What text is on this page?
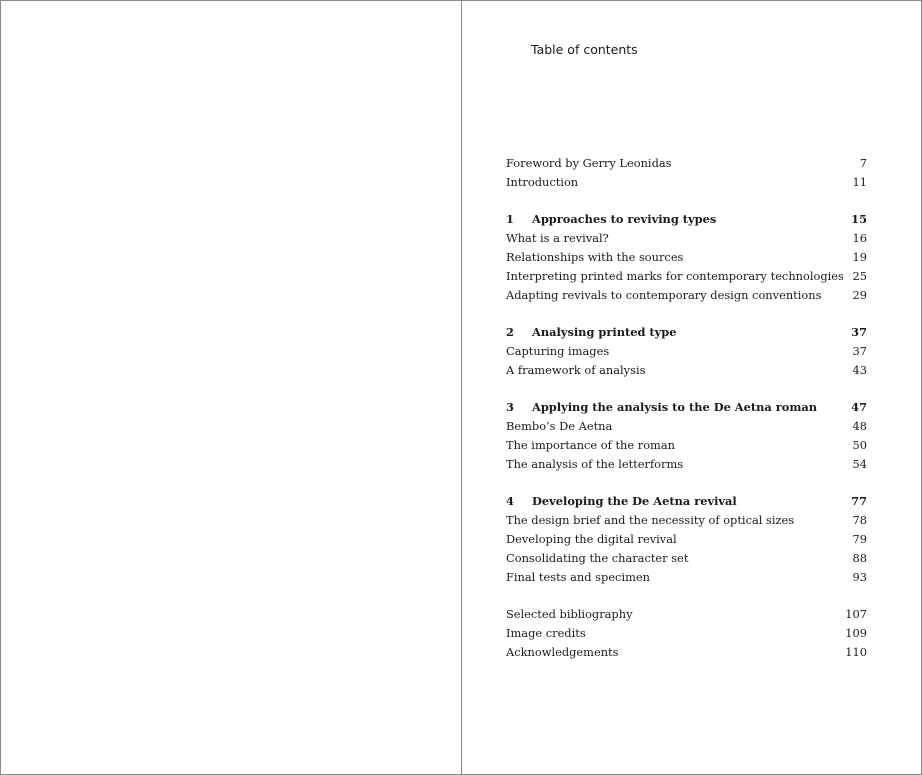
Table of contents
Foreword by Gerry Leonidas	7
Introduction	11
1 Approaches to reviving types	15
What is a revival?	16
Relationships with the sources	19
Interpreting printed marks for contemporary technologies 25
Adapting revivals to contemporary design conventions	29
2 Analysing printed type	37
Capturing images	37
A framework of analysis	43
3 Applying the analysis to the De Aetna roman	47
Bembo’s De Aetna	48
The importance of the roman	50
The analysis of the letterforms	54
4 Developing the De Aetna revival	77
The design brief and the necessity of optical sizes	78
Developing the digital revival	79
Consolidating the character set	88
Final tests and specimen	93
Selected bibliography	107
Image credits	109
Acknowledgements	110
